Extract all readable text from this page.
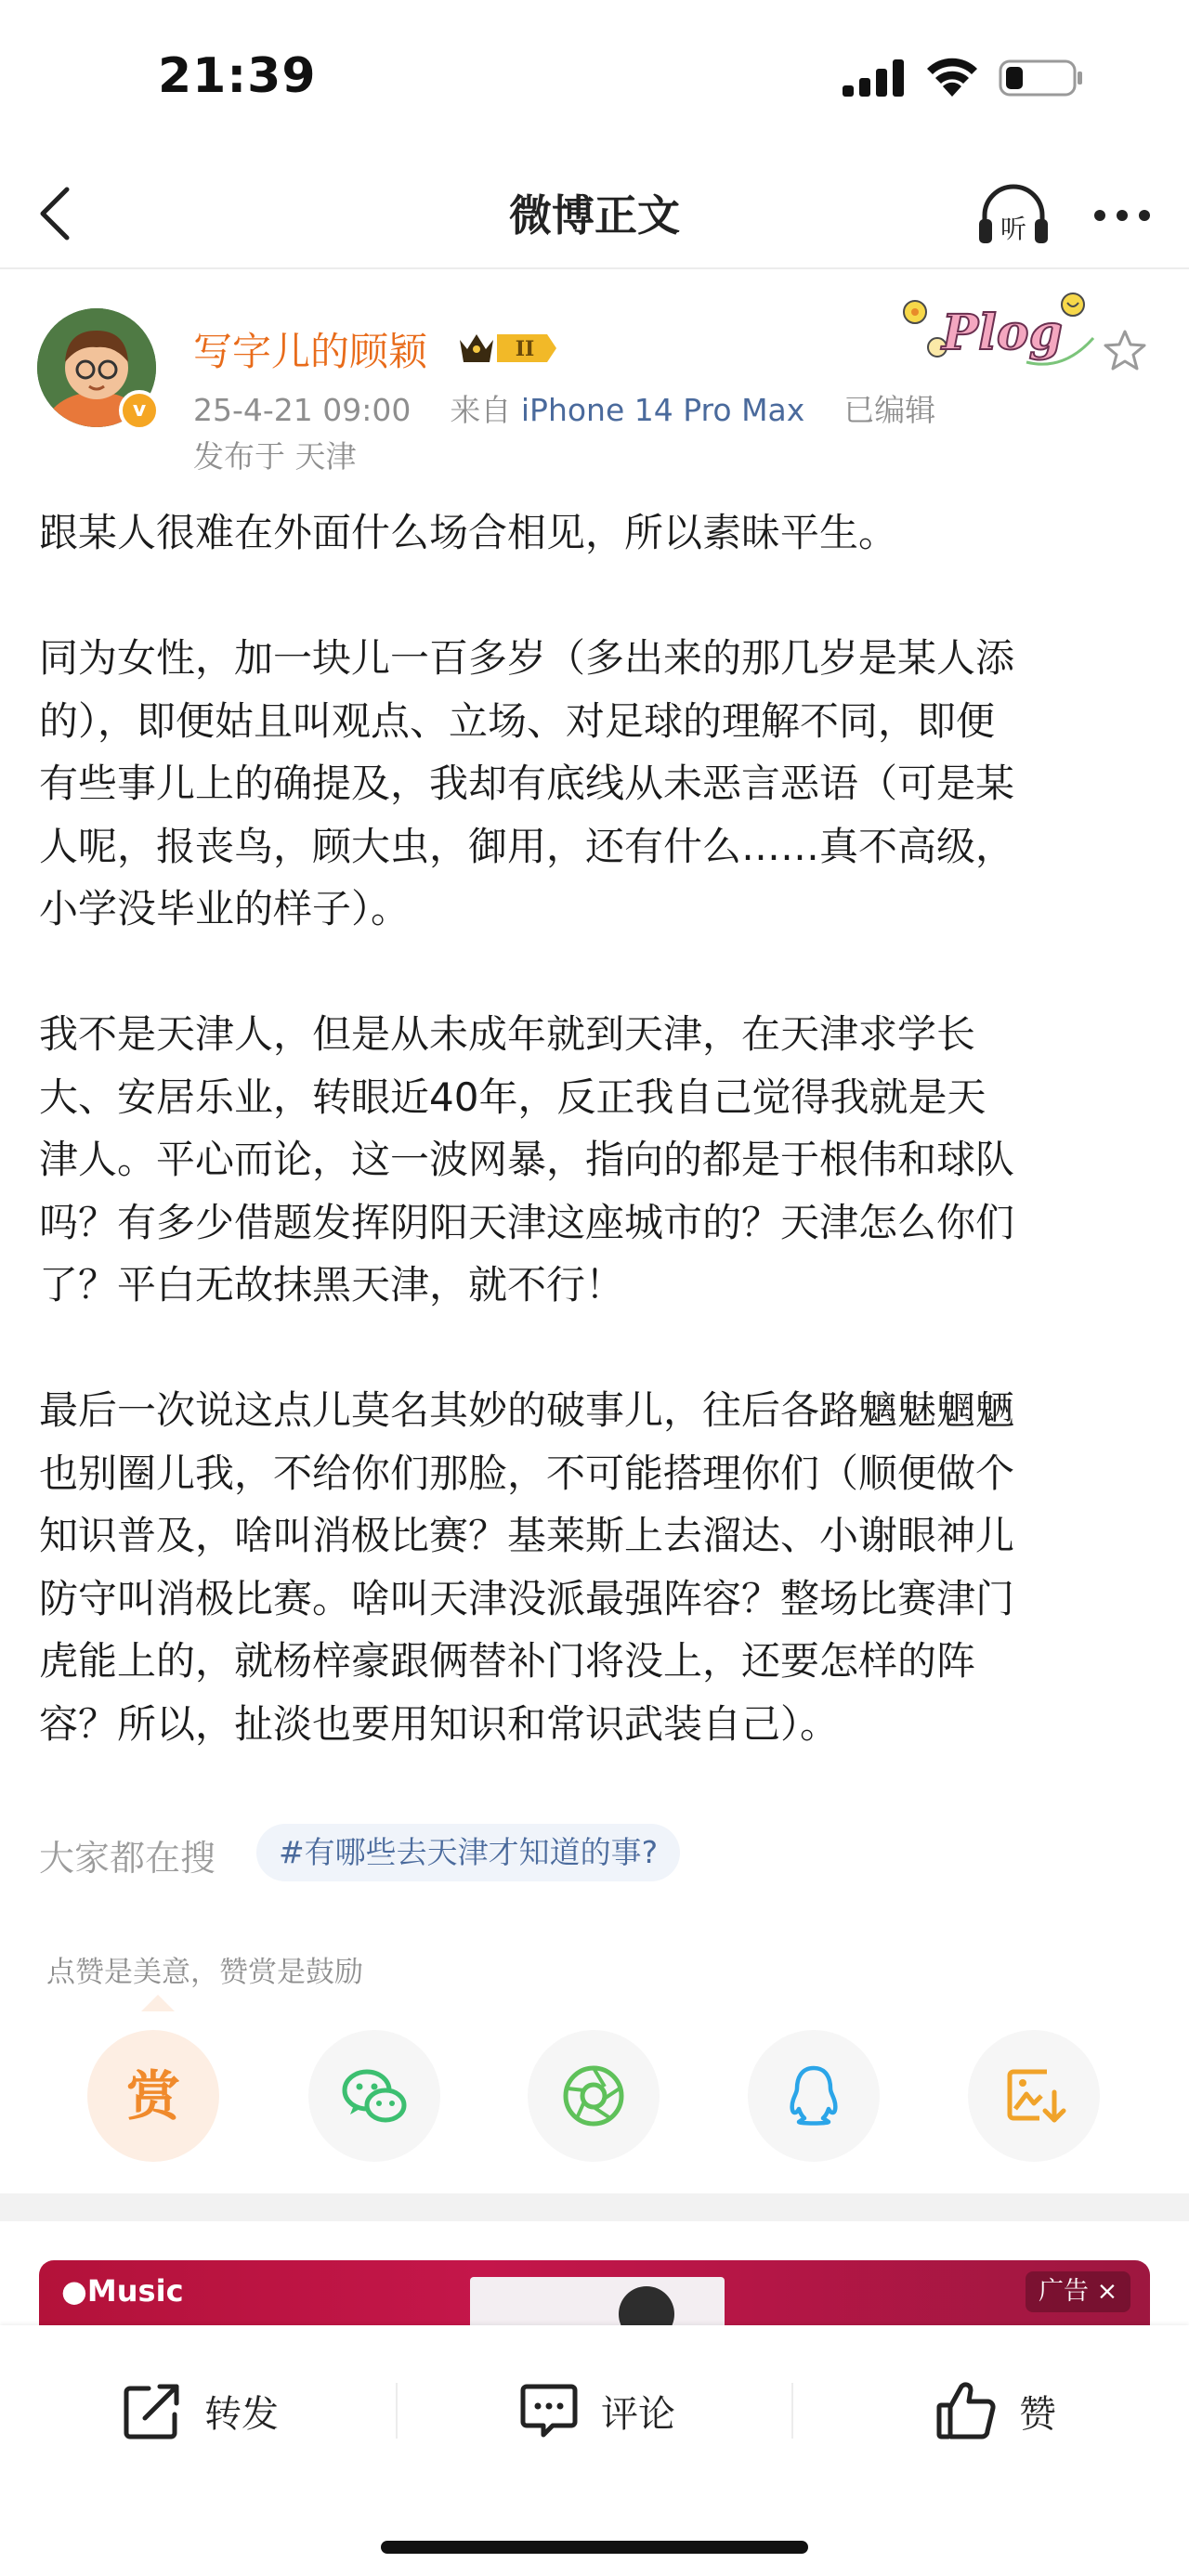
21:39
微博正文	听
v
写字儿的顾颖	II
25-4-21 09:00 来自 iPhone 14 Pro Max 已编辑
发布于 天津
Plog

跟某人很难在外面什么场合相见，所以素昧平生。

同为女性，加一块儿一百多岁（多出来的那几岁是某人添
的），即便姑且叫观点、立场、对足球的理解不同，即便
有些事儿上的确提及，我却有底线从未恶言恶语（可是某
人呢，报丧鸟，顾大虫，御用，还有什么……真不高级，
小学没毕业的样子）。

我不是天津人，但是从未成年就到天津，在天津求学长
大、安居乐业，转眼近40年，反正我自己觉得我就是天
津人。平心而论，这一波网暴，指向的都是于根伟和球队
吗？有多少借题发挥阴阳天津这座城市的？天津怎么你们
了？平白无故抹黑天津，就不行！

最后一次说这点儿莫名其妙的破事儿，往后各路魑魅魍魉
也别圈儿我，不给你们那脸，不可能搭理你们（顺便做个
知识普及，啥叫消极比赛？基莱斯上去溜达、小谢眼神儿
防守叫消极比赛。啥叫天津没派最强阵容？整场比赛津门
虎能上的，就杨梓豪跟俩替补门将没上，还要怎样的阵
容？所以，扯淡也要用知识和常识武装自己）。

大家都在搜	#有哪些去天津才知道的事?
点赞是美意，赞赏是鼓励
赏
●Music	广告 ×
转发	评论	赞
